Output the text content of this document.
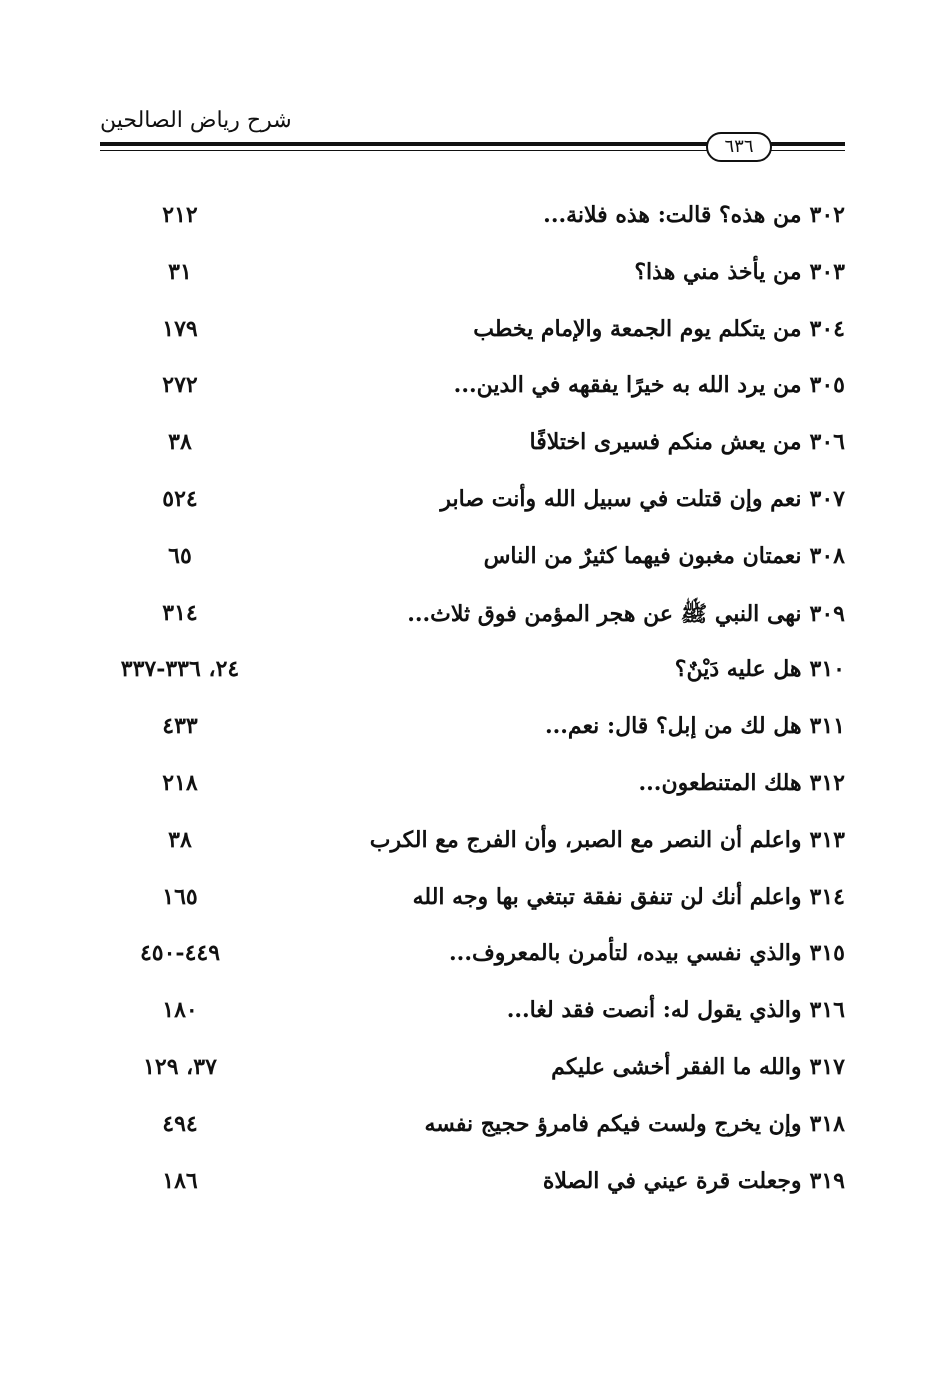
شرح رياض الصالحين
٦٣٦
٣٠٢من هذه؟ قالت: هذه فلانة...
٢١٢
٣٠٣من يأخذ مني هذا؟
٣١
٣٠٤من يتكلم يوم الجمعة والإمام يخطب
١٧٩
٣٠٥من يرد الله به خيرًا يفقهه في الدين...
٢٧٢
٣٠٦من يعش منكم فسيرى اختلافًا
٣٨
٣٠٧نعم وإن قتلت في سبيل الله وأنت صابر
٥٢٤
٣٠٨نعمتان مغبون فيهما كثيرٌ من الناس
٦٥
٣٠٩نهى النبي ﷺ عن هجر المؤمن فوق ثلاث...
٣١٤
٣١٠هل عليه دَيْنٌ؟
٢٤، ٣٣٦-٣٣٧
٣١١هل لك من إبل؟ قال: نعم...
٤٣٣
٣١٢هلك المتنطعون...
٢١٨
٣١٣واعلم أن النصر مع الصبر، وأن الفرج مع الكرب
٣٨
٣١٤واعلم أنك لن تنفق نفقة تبتغي بها وجه الله
١٦٥
٣١٥والذي نفسي بيده، لتأمرن بالمعروف...
٤٤٩-٤٥٠
٣١٦والذي يقول له: أنصت فقد لغا...
١٨٠
٣١٧والله ما الفقر أخشى عليكم
٣٧، ١٢٩
٣١٨وإن يخرج ولست فيكم فامرؤ حجيج نفسه
٤٩٤
٣١٩وجعلت قرة عيني في الصلاة
١٨٦
